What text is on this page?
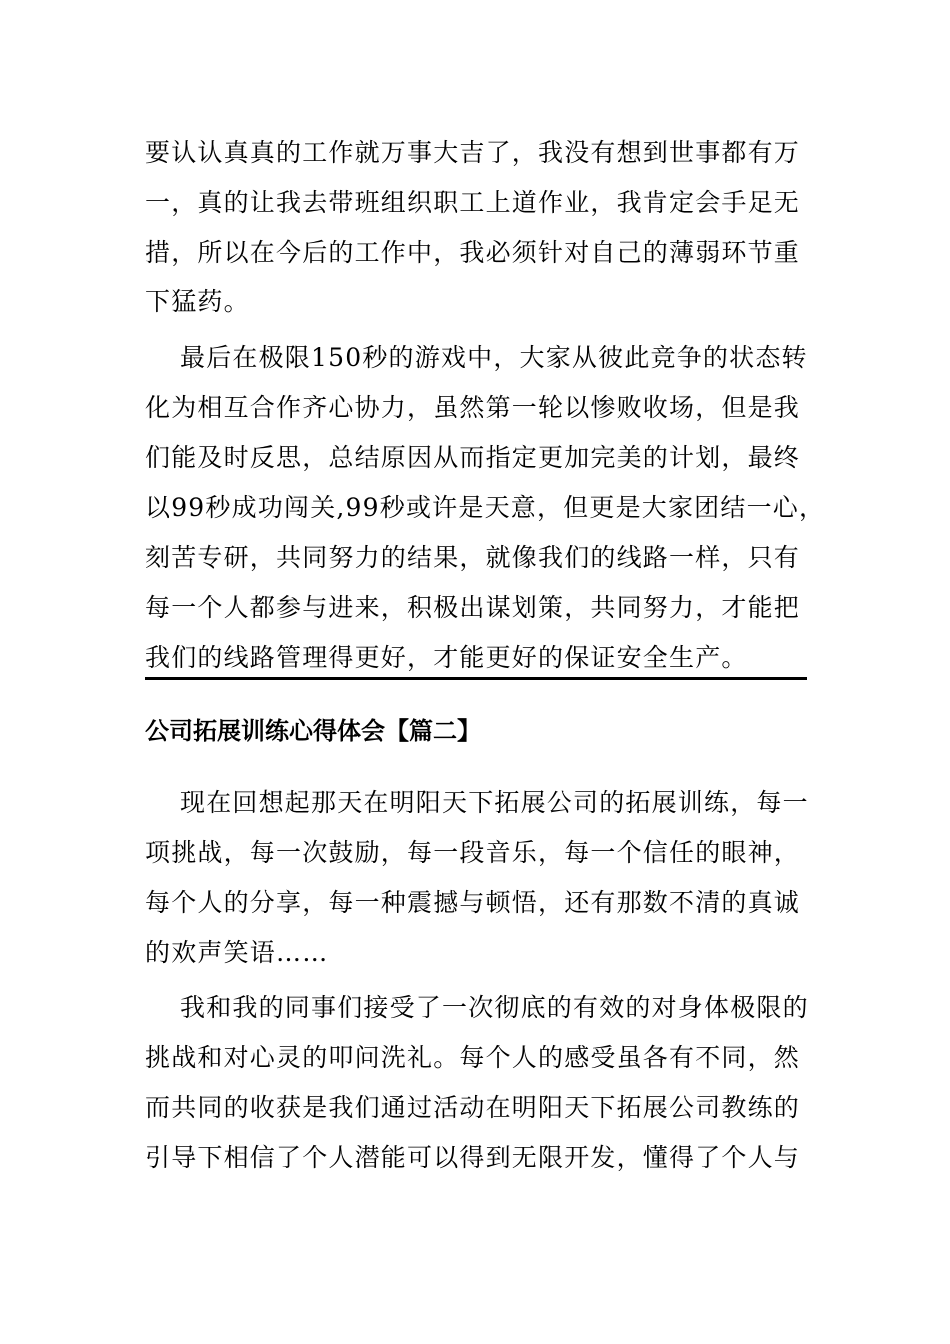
要认认真真的工作就万事大吉了，我没有想到世事都有万
一，真的让我去带班组织职工上道作业，我肯定会手足无
措，所以在今后的工作中，我必须针对自己的薄弱环节重
下猛药。
最后在极限150秒的游戏中，大家从彼此竞争的状态转
化为相互合作齐心协力，虽然第一轮以惨败收场，但是我
们能及时反思，总结原因从而指定更加完美的计划，最终
以99秒成功闯关,99秒或许是天意，但更是大家团结一心，
刻苦专研，共同努力的结果，就像我们的线路一样，只有
每一个人都参与进来，积极出谋划策，共同努力，才能把
我们的线路管理得更好，才能更好的保证安全生产。
公司拓展训练心得体会【篇二】
现在回想起那天在明阳天下拓展公司的拓展训练，每一
项挑战，每一次鼓励，每一段音乐，每一个信任的眼神，
每个人的分享，每一种震撼与顿悟，还有那数不清的真诚
的欢声笑语……
我和我的同事们接受了一次彻底的有效的对身体极限的
挑战和对心灵的叩问洗礼。每个人的感受虽各有不同，然
而共同的收获是我们通过活动在明阳天下拓展公司教练的
引导下相信了个人潜能可以得到无限开发，懂得了个人与
